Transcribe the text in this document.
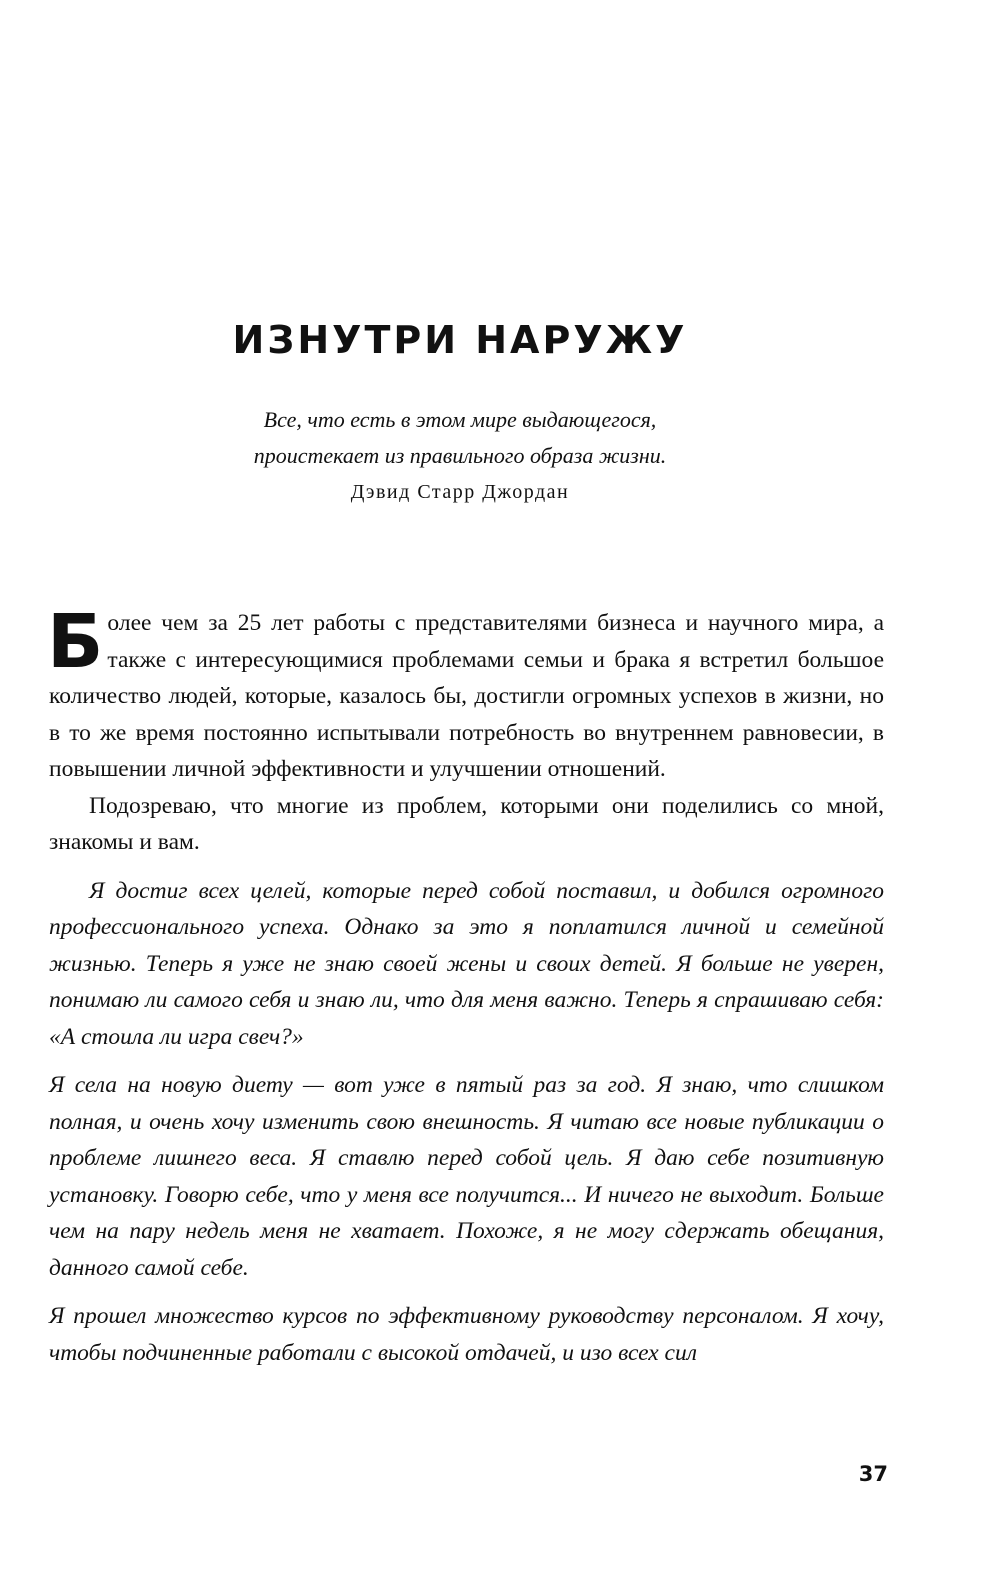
ИЗНУТРИ НАРУЖУ
Все, что есть в этом мире выдающегося,
проистекает из правильного образа жизни.
Дэвид Старр Джордан

Более чем за 25 лет работы с представителями бизнеса и научного мира, а также с интересующимися проблемами семьи и брака я встретил большое количество людей, которые, казалось бы, достигли огромных успехов в жизни, но в то же время постоянно испытывали потребность во внутреннем равновесии, в повышении личной эффективности и улучшении отношений.

Подозреваю, что многие из проблем, которыми они поделились со мной, знакомы и вам.

Я достиг всех целей, которые перед собой поставил, и добился огромного профессионального успеха. Однако за это я поплатился личной и семейной жизнью. Теперь я уже не знаю своей жены и своих детей. Я больше не уверен, понимаю ли самого себя и знаю ли, что для меня важно. Теперь я спрашиваю себя: «А стоила ли игра свеч?»

Я села на новую диету — вот уже в пятый раз за год. Я знаю, что слишком полная, и очень хочу изменить свою внешность. Я читаю все новые публикации о проблеме лишнего веса. Я ставлю перед собой цель. Я даю себе позитивную установку. Говорю себе, что у меня все получится... И ничего не выходит. Больше чем на пару недель меня не хватает. Похоже, я не могу сдержать обещания, данного самой себе.

Я прошел множество курсов по эффективному руководству персоналом. Я хочу, чтобы подчиненные работали с высокой отдачей, и изо всех сил

37
